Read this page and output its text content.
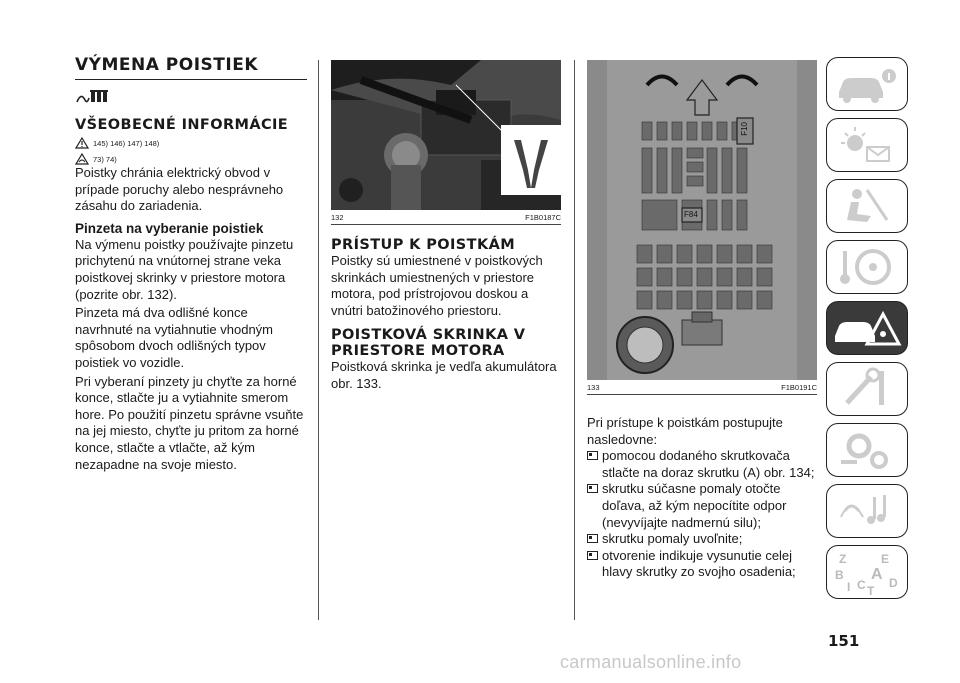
VÝMENA POISTIEK
VŠEOBECNÉ INFORMÁCIE
145) 146) 147) 148)
73) 74)

Poistky chránia elektrický obvod v prípade poruchy alebo nesprávneho zásahu do zariadenia.

Pinzeta na vyberanie poistiek

Na výmenu poistky používajte pinzetu prichytenú na vnútornej strane veka poistkovej skrinky v priestore motora (pozrite obr. 132).

Pinzeta má dva odlišné konce navrhnuté na vytiahnutie vhodným spôsobom dvoch odlišných typov poistiek vo vozidle.

Pri vyberaní pinzety ju chyťte za horné konce, stlačte ju a vytiahnite smerom hore. Po použití pinzetu správne vsuňte na jej miesto, chyťte ju pritom za horné konce, stlačte a vtlačte, až kým nezapadne na svoje miesto.

132	F1B0187C
PRÍSTUP K POISTKÁM

Poistky sú umiestnené v poistkových skrinkách umiestnených v priestore motora, pod prístrojovou doskou a vnútri batožinového priestoru.

POISTKOVÁ SKRINKA V PRIESTORE MOTORA

Poistková skrinka je vedľa akumulátora obr. 133.

F10
F84
133	F1B0191C

Pri prístupe k poistkám postupujte nasledovne:

pomocou dodaného skrutkovača stlačte na doraz skrutku (A) obr. 134;

skrutku súčasne pomaly otočte doľava, až kým nepocítite odpor (nevyvíjajte nadmernú silu);

skrutku pomaly uvoľnite;

otvorenie indikuje vysunutie celej hlavy skrutky zo svojho osadenia;

Z	E
B A
C D
I T
151
carmanualsonline.info
